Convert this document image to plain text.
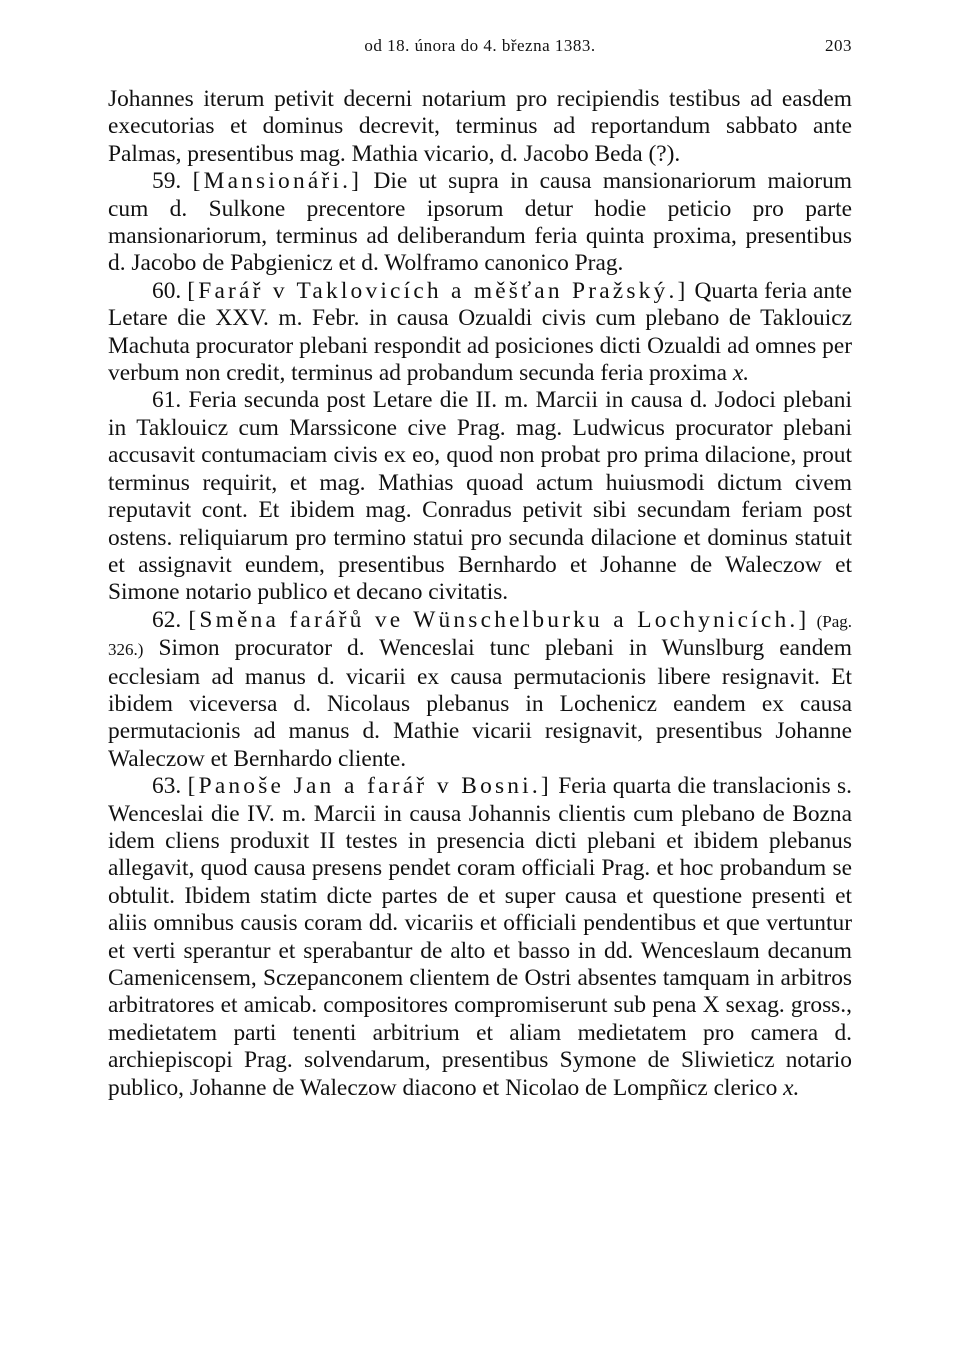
od 18. února do 4. března 1383.	203

Johannes iterum petivit decerni notarium pro recipiendis testibus ad easdem executorias et dominus decrevit, terminus ad reportandum sabbato ante Palmas, presentibus mag. Mathia vicario, d. Jacobo Beda (?).

59. [Mansionáři.] Die ut supra in causa mansionariorum maiorum cum d. Sulkone precentore ipsorum detur hodie peticio pro parte mansionariorum, terminus ad deliberandum feria quinta proxima, presentibus d. Jacobo de Pabgienicz et d. Wolframo canonico Prag.

60. [Farář v Taklovicích a měšťan Pražský.] Quarta feria ante Letare die XXV. m. Febr. in causa Ozualdi civis cum plebano de Taklouicz Machuta procurator plebani respondit ad posiciones dicti Ozualdi ad omnes per verbum non credit, terminus ad probandum secunda feria proxima x.

61. Feria secunda post Letare die II. m. Marcii in causa d. Jodoci plebani in Taklouicz cum Marssicone cive Prag. mag. Ludwicus procurator plebani accusavit contumaciam civis ex eo, quod non probat pro prima dilacione, prout terminus requirit, et mag. Mathias quoad actum huiusmodi dictum civem reputavit cont. Et ibidem mag. Conradus petivit sibi secundam feriam post ostens. reliquiarum pro termino statui pro secunda dilacione et dominus statuit et assignavit eundem, presentibus Bernhardo et Johanne de Waleczow et Simone notario publico et decano civitatis.

62. [Směna farářů ve Wünschelburku a Lochynicích.] (Pag. 326.) Simon procurator d. Wenceslai tunc plebani in Wunslburg eandem ecclesiam ad manus d. vicarii ex causa permutacionis libere resignavit. Et ibidem viceversa d. Nicolaus plebanus in Lochenicz eandem ex causa permutacionis ad manus d. Mathie vicarii resignavit, presentibus Johanne Waleczow et Bernhardo cliente.

63. [Panoše Jan a farář v Bosni.] Feria quarta die translacionis s. Wenceslai die IV. m. Marcii in causa Johannis clientis cum plebano de Bozna idem cliens produxit II testes in presencia dicti plebani et ibidem plebanus allegavit, quod causa presens pendet coram officiali Prag. et hoc probandum se obtulit. Ibidem statim dicte partes de et super causa et questione presenti et aliis omnibus causis coram dd. vicariis et officiali pendentibus et que vertuntur et verti sperantur et sperabantur de alto et basso in dd. Wenceslaum decanum Camenicensem, Sczepanconem clientem de Ostri absentes tamquam in arbitros arbitratores et amicab. compositores compromiserunt sub pena X sexag. gross., medietatem parti tenenti arbitrium et aliam medietatem pro camera d. archiepiscopi Prag. solvendarum, presentibus Symone de Sliwieticz notario publico, Johanne de Waleczow diacono et Nicolao de Lompñicz clerico x.
